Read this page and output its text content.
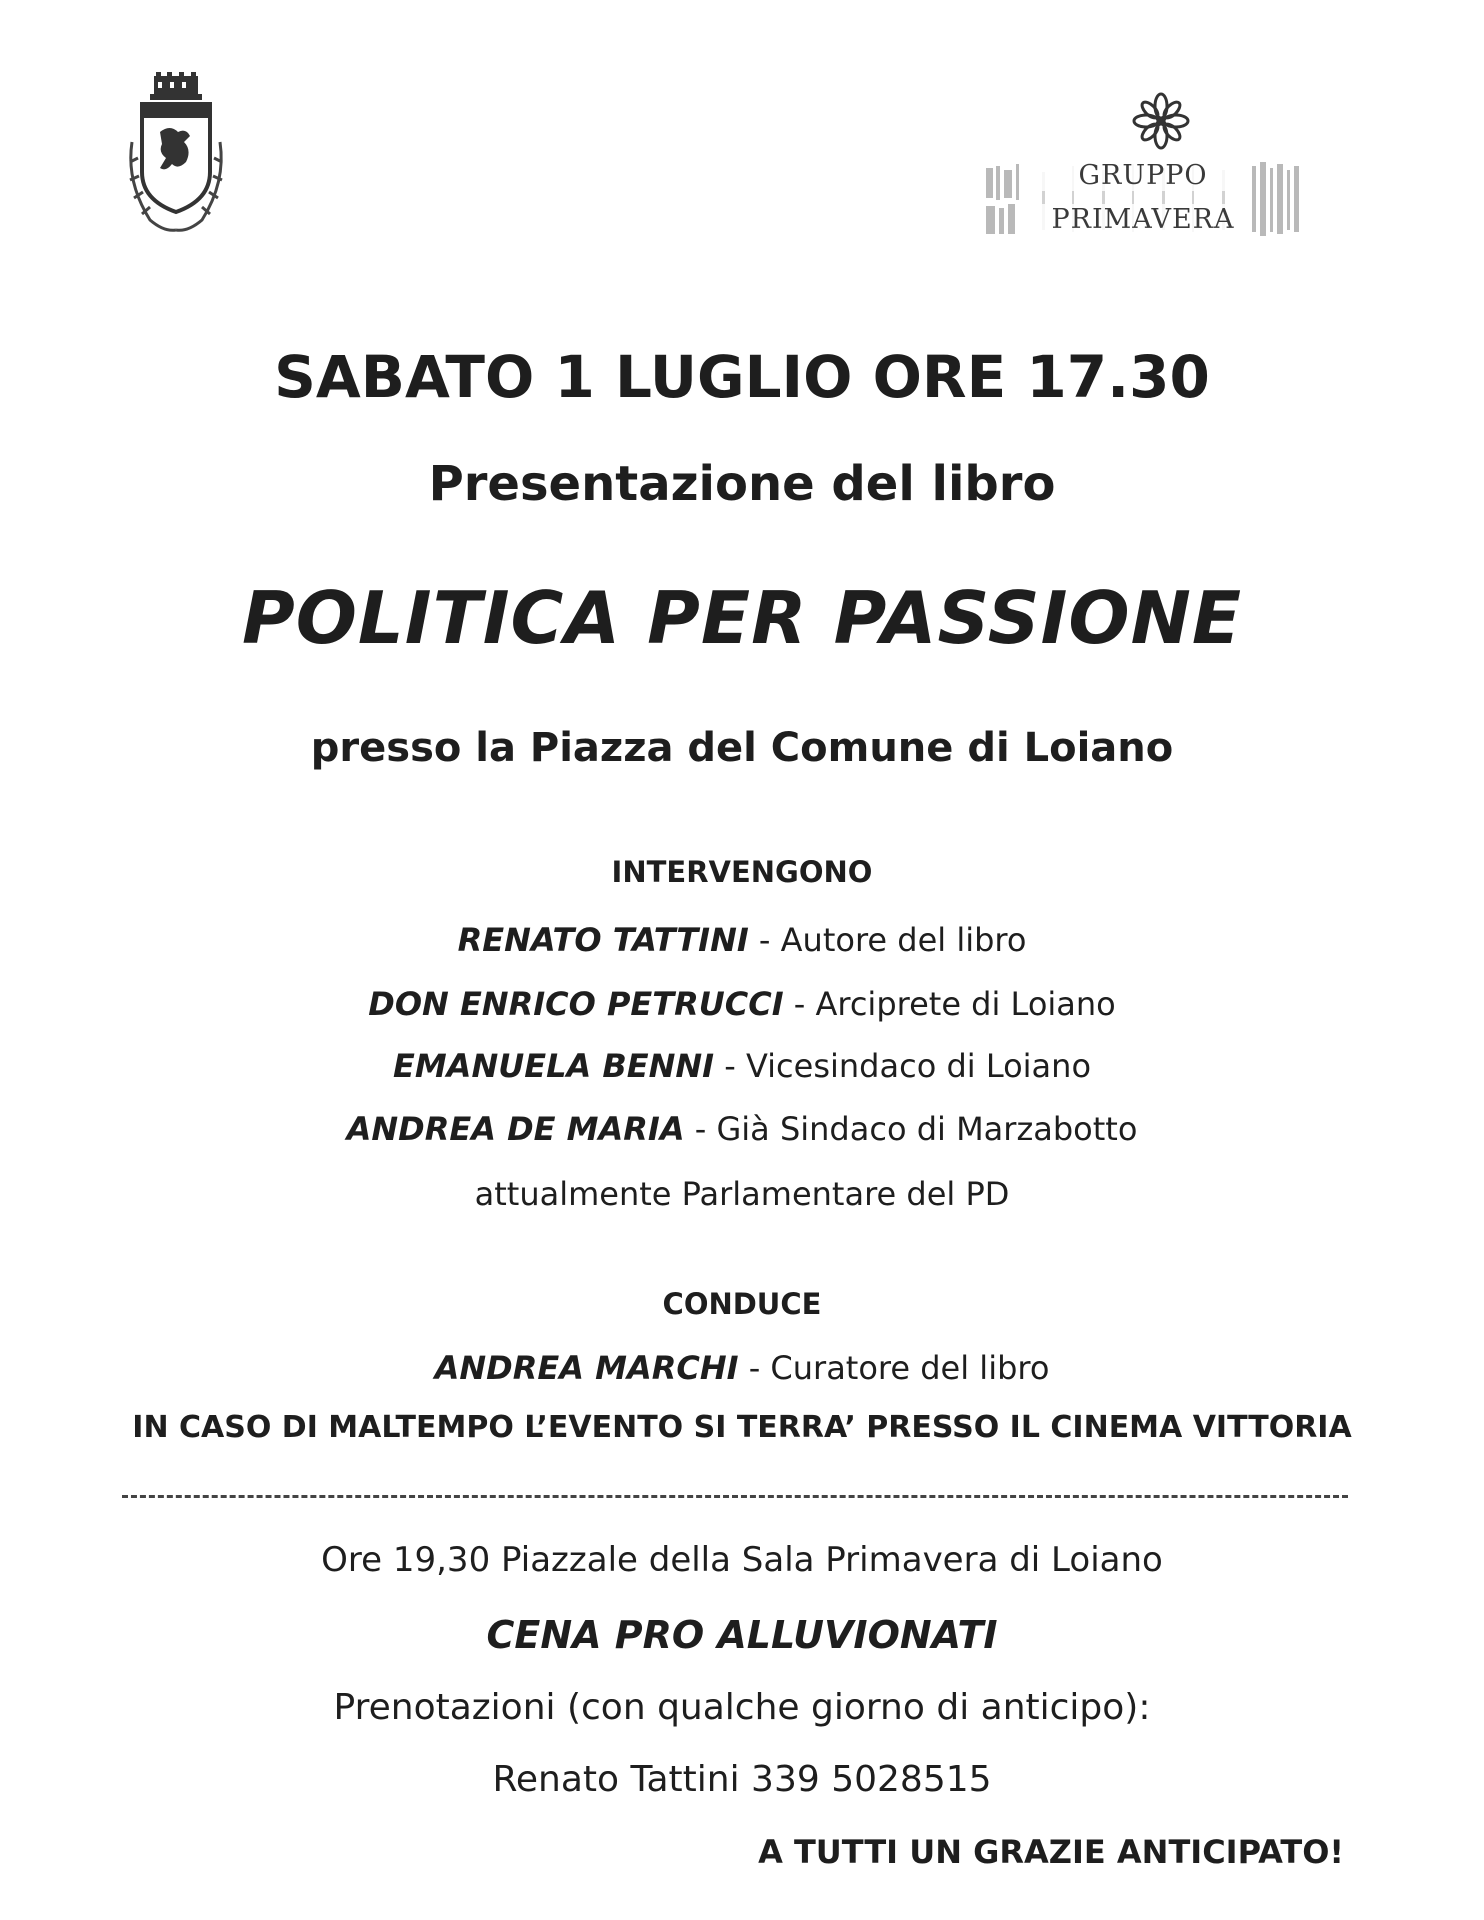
GRUPPO
PRIMAVERA
SABATO 1 LUGLIO ORE 17.30
Presentazione del libro
POLITICA PER PASSIONE
presso la Piazza del Comune di Loiano
INTERVENGONO
RENATO TATTINI - Autore del libro
DON ENRICO PETRUCCI - Arciprete di Loiano
EMANUELA BENNI - Vicesindaco di Loiano
ANDREA DE MARIA - Già Sindaco di Marzabotto
attualmente Parlamentare del PD
CONDUCE
ANDREA MARCHI - Curatore del libro
IN CASO DI MALTEMPO L’EVENTO SI TERRA’ PRESSO IL CINEMA VITTORIA
Ore 19,30 Piazzale della Sala Primavera di Loiano
CENA PRO ALLUVIONATI
Prenotazioni (con qualche giorno di anticipo):
Renato Tattini 339 5028515
A TUTTI UN GRAZIE ANTICIPATO!
